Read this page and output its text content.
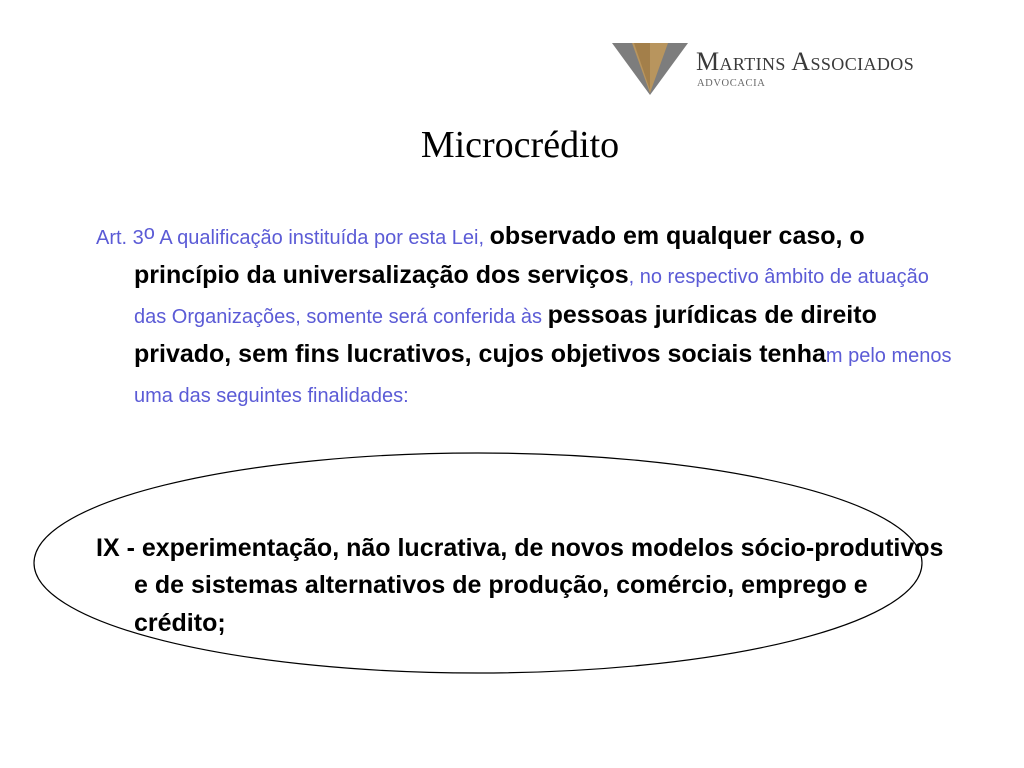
Martins Associados
ADVOCACIA
Microcrédito

Art. 3$^o$ A qualificação instituída por esta Lei, observado em qualquer caso, o princípio da universalização dos serviços, no respectivo âmbito de atuação das Organizações, somente será conferida às pessoas jurídicas de direito privado, sem fins lucrativos, cujos objetivos sociais tenham pelo menos uma das seguintes finalidades:

IX - experimentação, não lucrativa, de novos modelos sócio-produtivos e de sistemas alternativos de produção, comércio, emprego e crédito;
